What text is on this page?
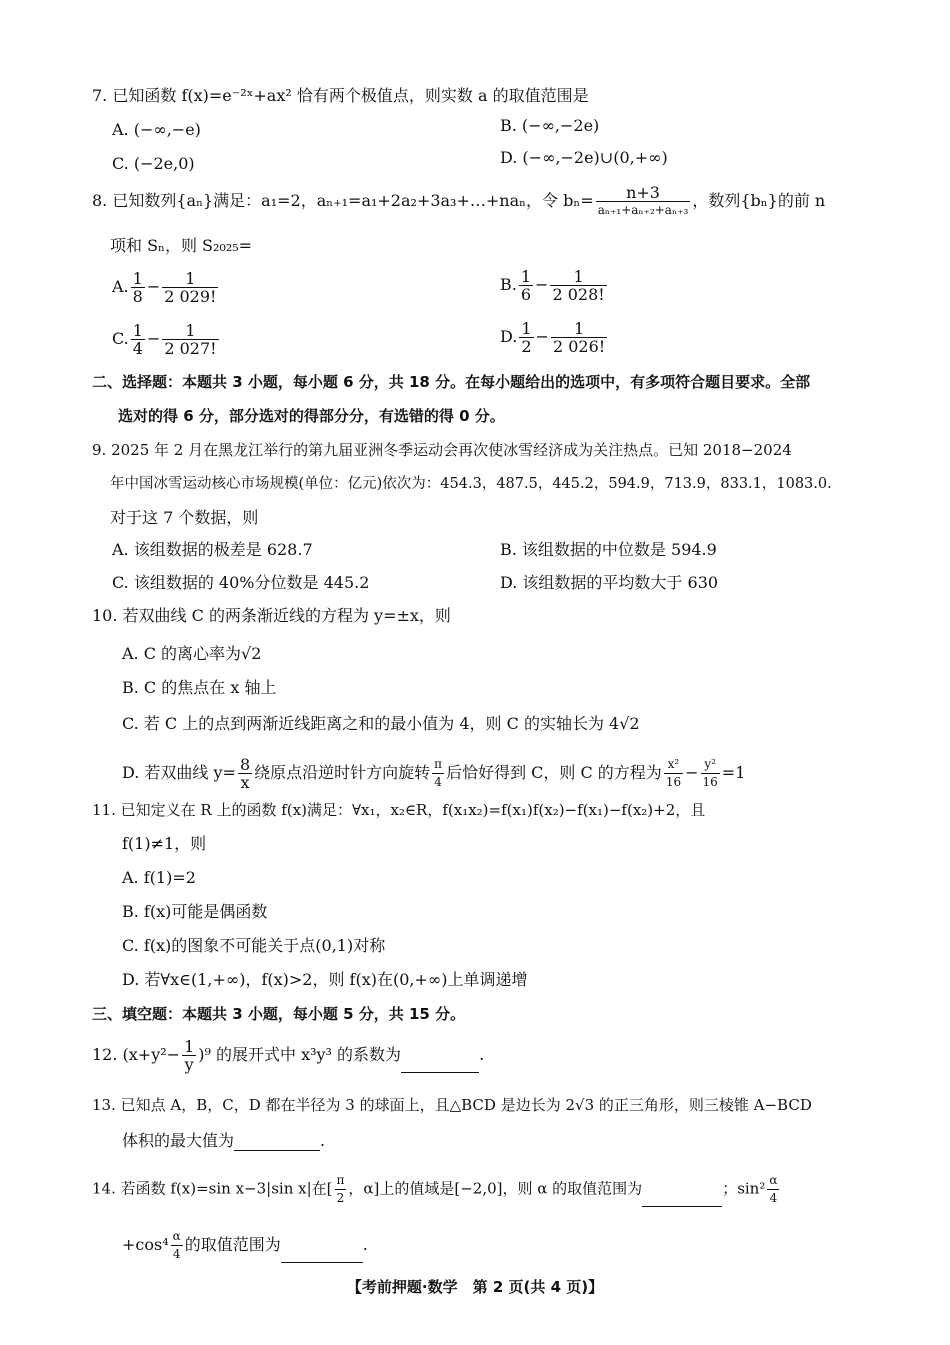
7. 已知函数 f(x)=e⁻²ˣ+ax² 恰有两个极值点，则实数 a 的取值范围是
A. (−∞,−e)	B. (−∞,−2e)
C. (−2e,0)	D. (−∞,−2e)∪(0,+∞)
8. 已知数列{aₙ}满足：a₁=2，aₙ₊₁=a₁+2a₂+3a₃+…+naₙ，令 $b_n= \frac{n+3}{\text{aₙ₊₁+aₙ₊₂+aₙ₊₃}}$ ，数列{bₙ}的前 n
项和 Sₙ，则 S₂₀₂₅=
A. $\frac{1}{8} - \frac{1}{2 029!}$	B. $\frac{1}{6} - \frac{1}{2 028!}$
C. $\frac{1}{4} - \frac{1}{2 027!}$	D. $\frac{1}{2} - \frac{1}{2 026!}$
二、选择题：本题共 3 小题，每小题 6 分，共 18 分。在每小题给出的选项中，有多项符合题目要求。全部
选对的得 6 分，部分选对的得部分分，有选错的得 0 分。
9. 2025 年 2 月在黑龙江举行的第九届亚洲冬季运动会再次使冰雪经济成为关注热点。已知 2018−2024
年中国冰雪运动核心市场规模(单位：亿元)依次为：454.3，487.5，445.2，594.9，713.9，833.1，1083.0.
对于这 7 个数据，则
A. 该组数据的极差是 628.7	B. 该组数据的中位数是 594.9
C. 该组数据的 40%分位数是 445.2	D. 该组数据的平均数大于 630
10. 若双曲线 C 的两条渐近线的方程为 y=±x，则
A. C 的离心率为√2
B. C 的焦点在 x 轴上
C. 若 C 上的点到两渐近线距离之和的最小值为 4，则 C 的实轴长为 4√2
D. 若双曲线 $y= \frac{8}{x}$ 绕原点沿逆时针方向旋转 $\frac{\pi}{4}$ 后恰好得到 C，则 C 的方程为 $\frac{\text{x²}}{16} - \frac{\text{y²}}{16} =1$
11. 已知定义在 R 上的函数 f(x)满足：∀x₁，x₂∈R，f(x₁x₂)=f(x₁)f(x₂)−f(x₁)−f(x₂)+2，且
f(1)≠1，则
A. f(1)=2
B. f(x)可能是偶函数
C. f(x)的图象不可能关于点(0,1)对称
D. 若∀x∈(1,+∞)，f(x)>2，则 f(x)在(0,+∞)上单调递增
三、填空题：本题共 3 小题，每小题 5 分，共 15 分。
12. $(x+y^2- \frac{1}{y} )^9$ 的展开式中 x³y³ 的系数为	.
13. 已知点 A，B，C，D 都在半径为 3 的球面上，且△BCD 是边长为 2√3 的正三角形，则三棱锥 A−BCD
体积的最大值为	.
14. 若函数 f(x)=sin x−3|sin x|在[ $\frac{\pi}{2}$ ，α]上的值域是[−2,0]，则 α 的取值范围为	；$\sin^2 \frac{\alpha}{4}$
$+\cos^4 \frac{\alpha}{4}$ 的取值范围为	.
【考前押题·数学　第 2 页(共 4 页)】
